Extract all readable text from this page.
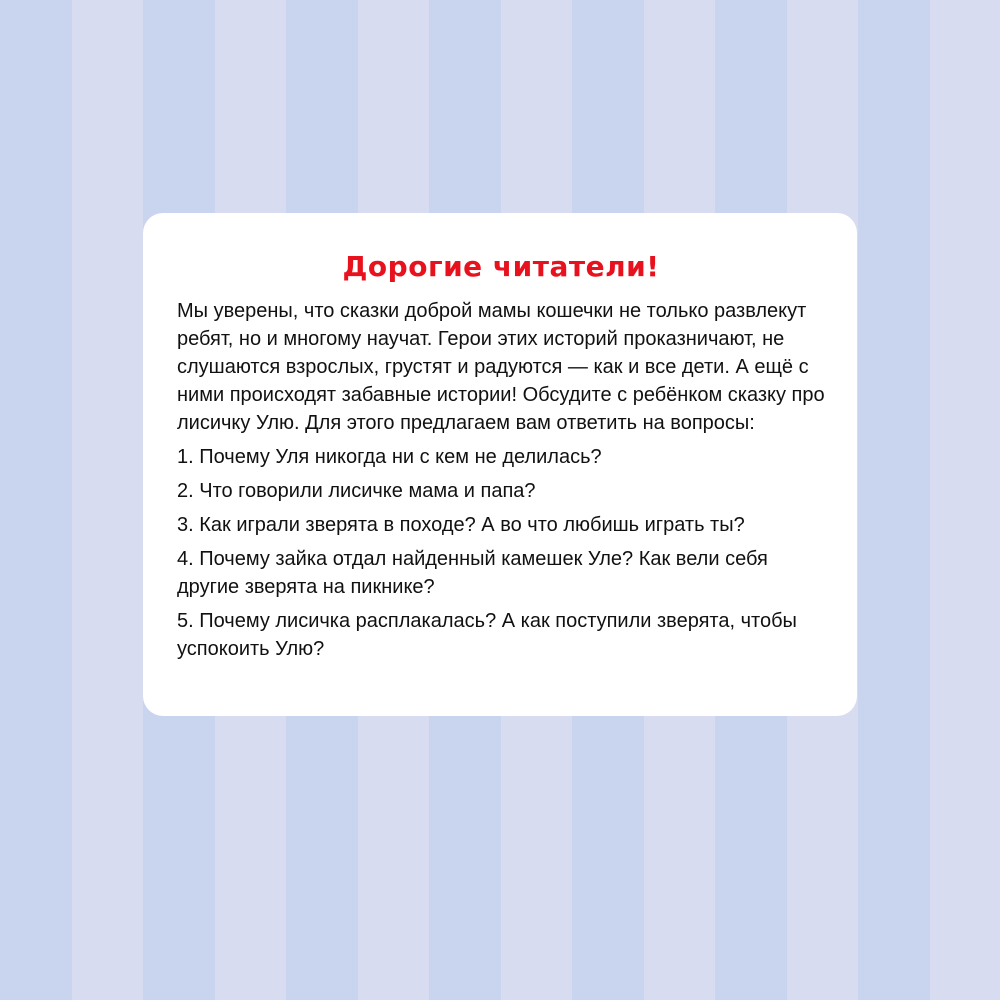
Дорогие читатели!

Мы уверены, что сказки доброй мамы кошечки не только развлекут ребят, но и многому научат. Герои этих историй проказничают, не слушаются взрослых, грустят и радуются — как и все дети. А ещё с ними происходят забавные истории! Обсудите с ребёнком сказку про лисичку Улю. Для этого предлагаем вам ответить на вопросы:

1. Почему Уля никогда ни с кем не делилась?
2. Что говорили лисичке мама и папа?
3. Как играли зверята в походе? А во что любишь играть ты?
4. Почему зайка отдал найденный камешек Уле? Как вели себя другие зверята на пикнике?
5. Почему лисичка расплакалась? А как поступили зверята, чтобы успокоить Улю?
